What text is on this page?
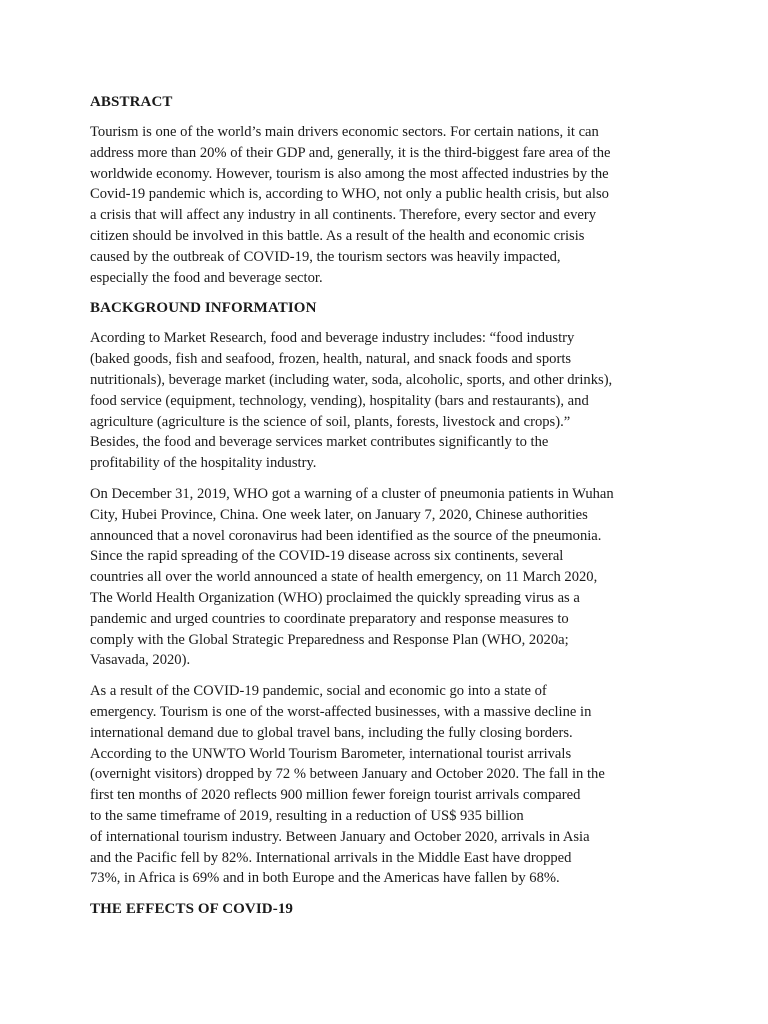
ABSTRACT
Tourism is one of the world’s main drivers economic sectors. For certain nations, it can
address more than 20% of their GDP and, generally, it is the third-biggest fare area of the
worldwide economy. However, tourism is also among the most affected industries by the
Covid-19 pandemic which is, according to WHO, not only a public health crisis, but also
a crisis that will affect any industry in all continents. Therefore, every sector and every
citizen should be involved in this battle. As a result of the health and economic crisis
caused by the outbreak of COVID-19, the tourism sectors was heavily impacted,
especially the food and beverage sector.
BACKGROUND INFORMATION
Acording to Market Research, food and beverage industry includes: “food industry
(baked goods, fish and seafood, frozen, health, natural, and snack foods and sports
nutritionals), beverage market (including water, soda, alcoholic, sports, and other drinks),
food service (equipment, technology, vending), hospitality (bars and restaurants), and
agriculture (agriculture is the science of soil, plants, forests, livestock and crops).”
Besides, the food and beverage services market contributes significantly to the
profitability of the hospitality industry.
On December 31, 2019, WHO got a warning of a cluster of pneumonia patients in Wuhan
City, Hubei Province, China. One week later, on January 7, 2020, Chinese authorities
announced that a novel coronavirus had been identified as the source of the pneumonia.
Since the rapid spreading of the COVID-19 disease across six continents, several
countries all over the world announced a state of health emergency, on 11 March 2020,
The World Health Organization (WHO) proclaimed the quickly spreading virus as a
pandemic and urged countries to coordinate preparatory and response measures to
comply with the Global Strategic Preparedness and Response Plan (WHO, 2020a;
Vasavada, 2020).
As a result of the COVID-19 pandemic, social and economic go into a state of
emergency. Tourism is one of the worst-affected businesses, with a massive decline in
international demand due to global travel bans, including the fully closing borders.
According to the UNWTO World Tourism Barometer, international tourist arrivals
(overnight visitors) dropped by 72 % between January and October 2020. The fall in the
first ten months of 2020 reflects 900 million fewer foreign tourist arrivals compared
to the same timeframe of 2019, resulting in a reduction of US$ 935 billion
of international tourism industry. Between January and October 2020, arrivals in Asia
and the Pacific fell by 82%. International arrivals in the Middle East have dropped
73%, in Africa is 69% and in both Europe and the Americas have fallen by 68%.
THE EFFECTS OF COVID-19
